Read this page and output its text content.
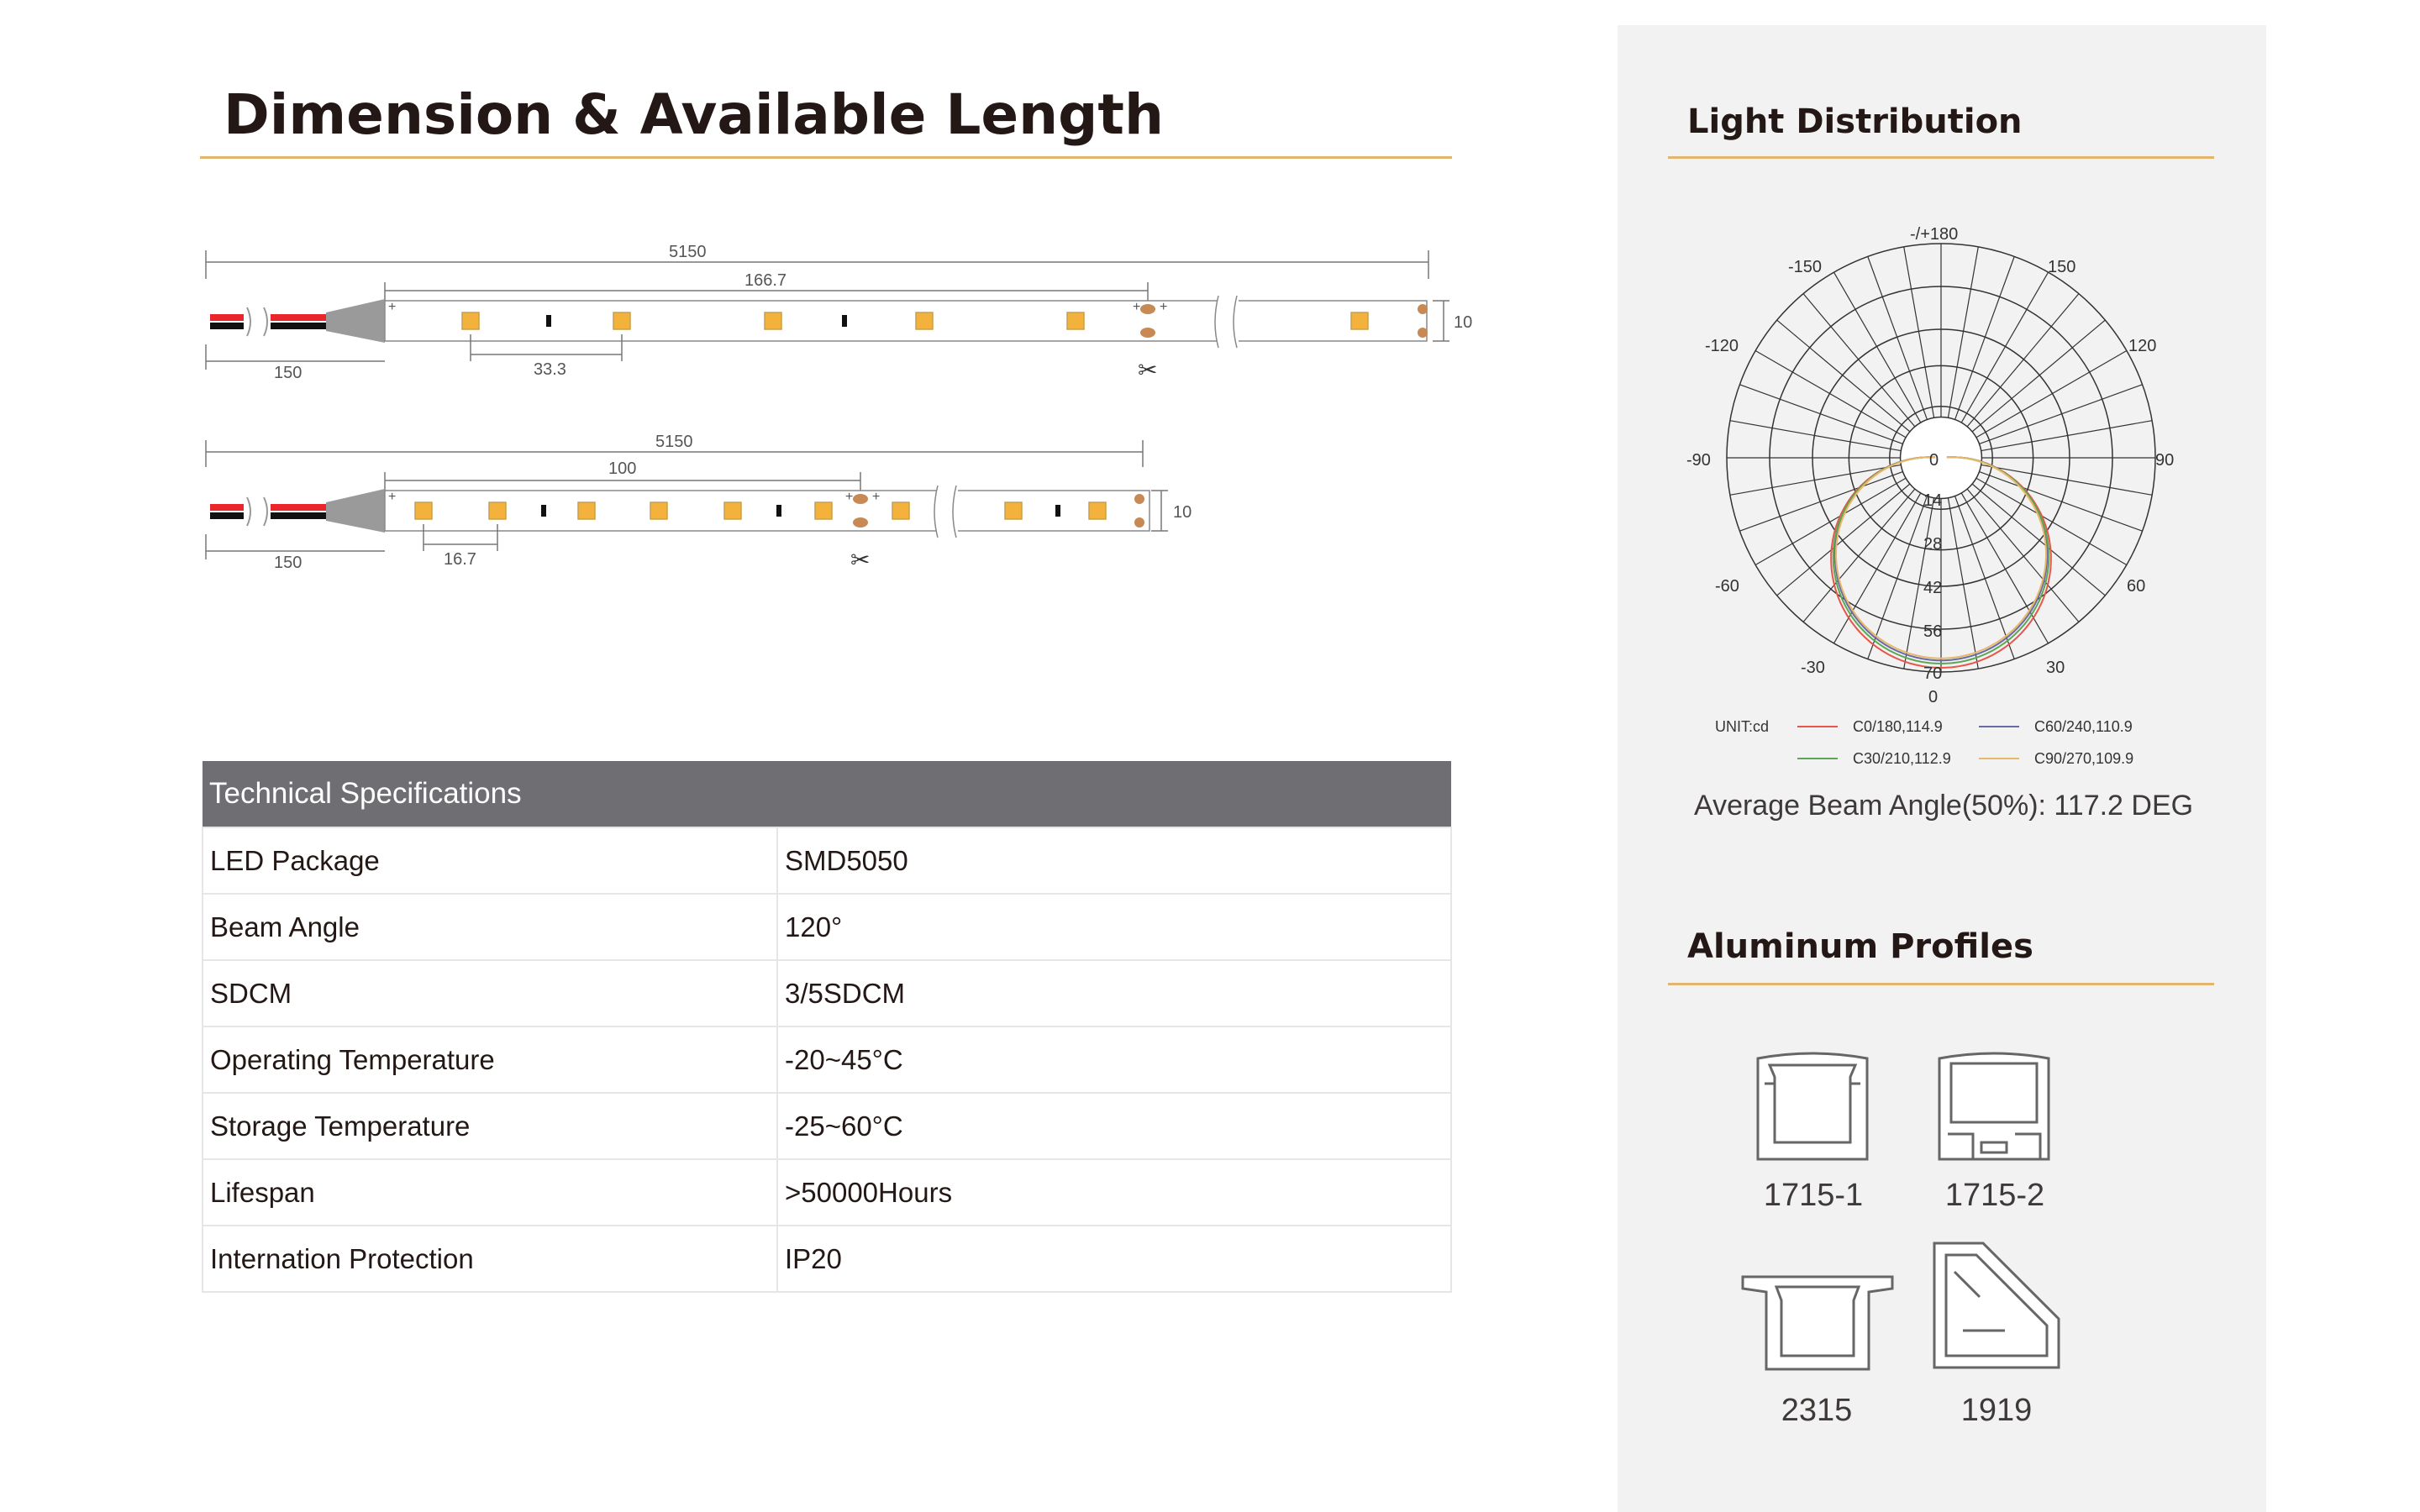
Dimension & Available Length
5150
166.7
+
+
+
✂
10
150	33.3
5150
100
+
+
+
✂
10
150	16.7
Technical Specifications	
LED Package	SMD5050
Beam Angle	120°
SDCM	3/5SDCM
Operating Temperature	-20~45°C
Storage Temperature	-25~60°C
Lifespan	>50000Hours
Internation Protection	IP20
Light Distribution
-/+180
-150	150
-120	120
-90	90
-60	60
-30	30
0
0
14
28
42
56
70
UNIT:cd	C0/180,114.9	C60/240,110.9
C30/210,112.9	C90/270,109.9
Average Beam Angle(50%): 117.2 DEG
Aluminum Profiles
1715-1	1715-2
2315	1919
